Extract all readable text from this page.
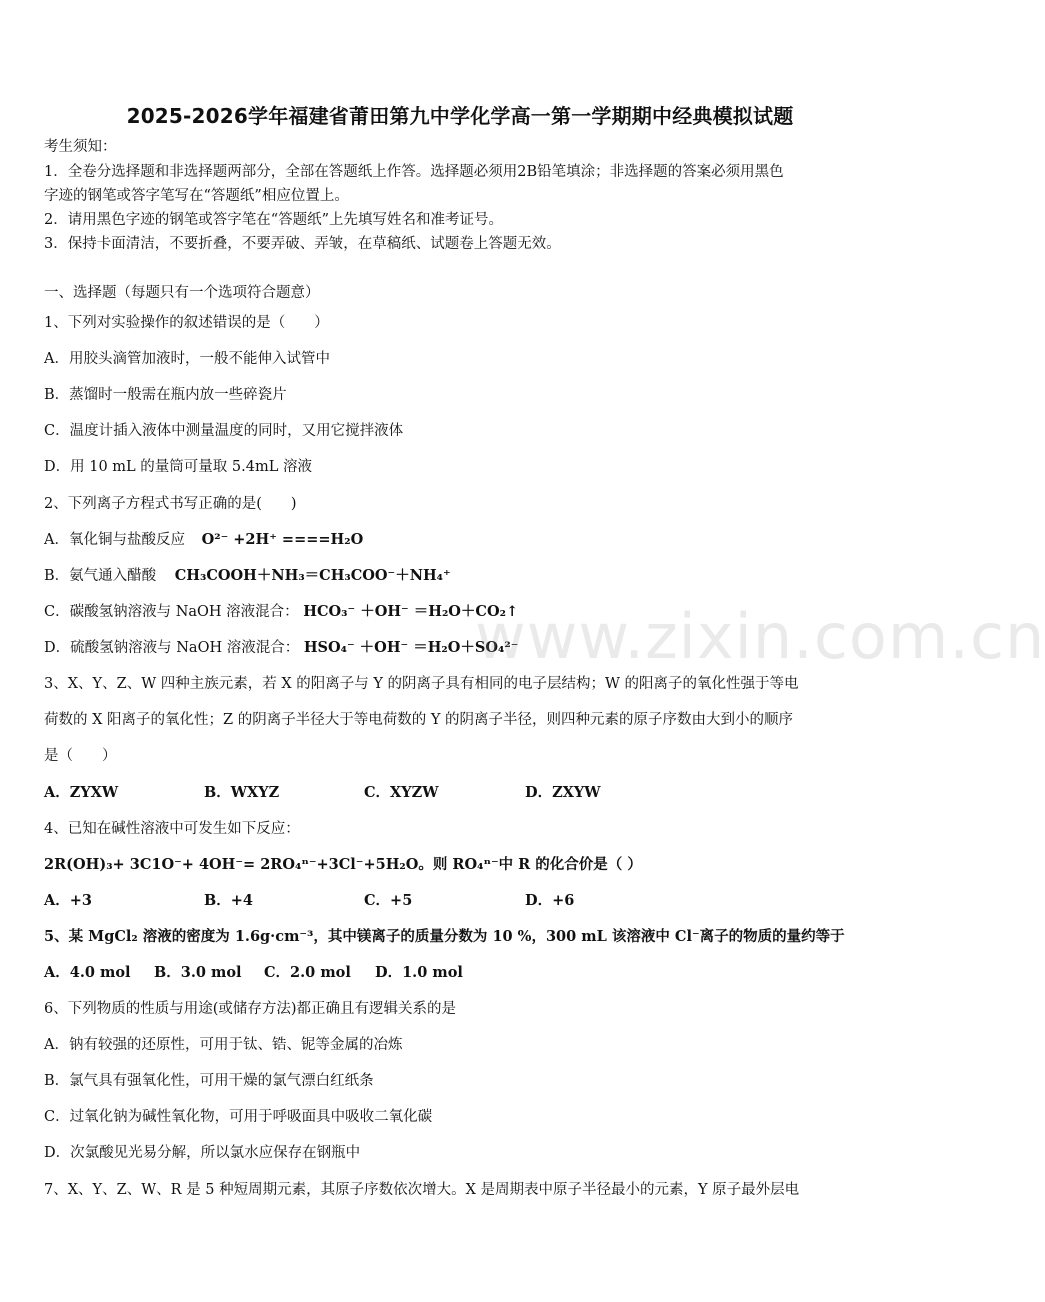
2025-2026学年福建省莆田第九中学化学高一第一学期期中经典模拟试题
考生须知：
1．全卷分选择题和非选择题两部分，全部在答题纸上作答。选择题必须用2B铅笔填涂；非选择题的答案必须用黑色
字迹的钢笔或答字笔写在“答题纸”相应位置上。
2．请用黑色字迹的钢笔或答字笔在“答题纸”上先填写姓名和准考证号。
3．保持卡面清洁，不要折叠，不要弄破、弄皱，在草稿纸、试题卷上答题无效。
一、选择题（每题只有一个选项符合题意）
1、下列对实验操作的叙述错误的是（　　）
A．用胶头滴管加液时，一般不能伸入试管中
B．蒸馏时一般需在瓶内放一些碎瓷片
C．温度计插入液体中测量温度的同时，又用它搅拌液体
D．用 10 mL 的量筒可量取 5.4mL 溶液
2、下列离子方程式书写正确的是(　　)
A．氧化铜与盐酸反应 O²⁻ +2H⁺ ====H₂O
B．氨气通入醋酸 CH₃COOH＋NH₃＝CH₃COO⁻＋NH₄⁺
C．碳酸氢钠溶液与 NaOH 溶液混合： HCO₃⁻ ＋OH⁻ ＝H₂O＋CO₂↑
D．硫酸氢钠溶液与 NaOH 溶液混合： HSO₄⁻ ＋OH⁻ ＝H₂O＋SO₄²⁻
3、X、Y、Z、W 四种主族元素，若 X 的阳离子与 Y 的阴离子具有相同的电子层结构；W 的阳离子的氧化性强于等电
荷数的 X 阳离子的氧化性；Z 的阴离子半径大于等电荷数的 Y 的阴离子半径，则四种元素的原子序数由大到小的顺序
是（　　）
A．ZYXW	B．WXYZ	C．XYZW	D．ZXYW
4、已知在碱性溶液中可发生如下反应：
2R(OH)₃+ 3C1O⁻+ 4OH⁻= 2RO₄ⁿ⁻+3Cl⁻+5H₂O。则 RO₄ⁿ⁻中 R 的化合价是（ ）
A．+3	B．+4	C．+5	D．+6
5、某 MgCl₂ 溶液的密度为 1.6g·cm⁻³，其中镁离子的质量分数为 10 %，300 mL 该溶液中 Cl⁻离子的物质的量约等于
A．4.0 mol B．3.0 mol C．2.0 mol D．1.0 mol
6、下列物质的性质与用途(或储存方法)都正确且有逻辑关系的是
A．钠有较强的还原性，可用于钛、锆、铌等金属的冶炼
B．氯气具有强氧化性，可用干燥的氯气漂白红纸条
C．过氧化钠为碱性氧化物，可用于呼吸面具中吸收二氧化碳
D．次氯酸见光易分解，所以氯水应保存在钢瓶中
7、X、Y、Z、W、R 是 5 种短周期元素，其原子序数依次增大。X 是周期表中原子半径最小的元素，Y 原子最外层电
www.zixin.com.cn
